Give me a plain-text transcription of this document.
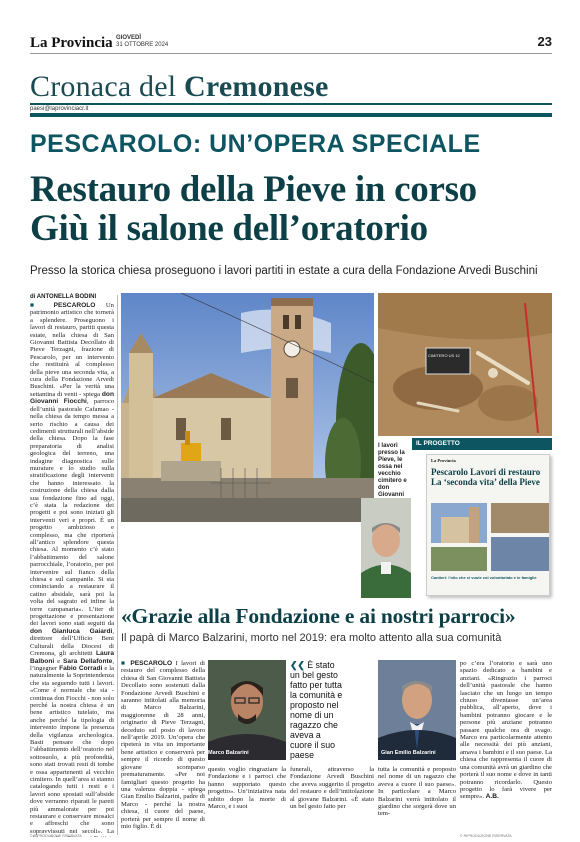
La Provincia GIOVEDÌ
31 OTTOBRE 2024	23
Cronaca del Cremonese
paesi@laprovinciacr.it
PESCAROLO: UN’OPERA SPECIALE
Restauro della Pieve in corso
Giù il salone dell’oratorio
Presso la storica chiesa proseguono i lavori partiti in estate a cura della Fondazione Arvedi Buschini
di ANTONELLA BODINI

■ PESCAROLO Un patrimonio artistico che tornerà a splendere. Proseguono i lavori di restauro, partiti questa estate, nella chiesa di San Giovanni Battista Decollato di Pieve Terzagni, frazione di Pescarolo, per un intervento che restituirà al complesso della pieve una seconda vita, a cura della Fondazione Arvedi Buschini. «Per la verità una settantina di venti - spiega don Giovanni Fiocchi, parroco dell’unità pastorale Cafamao - nella chiesa da tempo messa a serio rischio a causa dei cedimenti strutturali nell’abside della chiesa. Dopo la fase preparatoria di analisi geologica del terreno, una indagine diagnostica sulle murature e lo studio sulla stratificazione degli interventi che hanno interessato la costruzione della chiesa dalla sua fondazione fino ad oggi, c’è stata la redazione dei progetti e poi sono iniziati gli interventi veri e propri. È un progetto ambizioso e complesso, ma che riporterà all’antico splendore questa chiesa. Al momento c’è stato l’abbattimento del salone parrocchiale, l’oratorio, per poi intervenire sul fianco della chiesa e sul campanile. Si sta cominciando a restaurare il catino absidale, sarà poi la volta del sagrato ed infine la torre campanaria». L’iter di progettazione e presentazione dei lavori sono stati seguiti da don Gianluca Gaiardi, direttore dell’Ufficio Beni Culturali della Diocesi di Cremona, gli architetti Laura Balboni e Sara Dellafonte, l’ingegner Fabio Corradi e la naturalmente la Soprintendenza che sta seguendo tutti i lavori. «Come è normale che sia - continua don Fiocchi - non solo perché la nostra chiesa è un bene artistico tutelato, ma anche perché la tipologia di intervento impone la presenza della vigilanza archeologica. Basti pensare che dopo l’abbattimento dell’oratorio nel sottosuolo, a più profondità, sono stati trovati resti di tombe e ossa appartenenti al vecchio cimitero. In quell’area si stanno catalogando tutti i resti e i lavori sono spostati sull’abside dove verranno riparati le pareti più ammalorate per poi restaurare e conservare mosaici e affreschi che sono sopravvissuti nei secoli». La

© RIPRODUZIONE RISERVATA
CIMITERO US 12
I lavori presso la Pieve, le ossa nel vecchio cimitero e don Giovanni
IL PROGETTO
La Provincia
Pescarolo Lavori di restauro La ‘seconda vita’ della Pieve
Cantieri: l’olio che ci vuole col volontariato e le famiglie
«Grazie alla Fondazione e ai nostri parroci»
Il papà di Marco Balzarini, morto nel 2019: era molto attento alla sua comunità
■ PESCAROLO I lavori di restauro del complesso della chiesa di San Giovanni Battista Decollato sono sostenuti dalla Fondazione Arvedi Buschini e saranno intitolati alla memoria di Marco Balzarini, maggiorenne di 28 anni, originario di Pieve Terzagni, deceduto sul posto di lavoro nell’aprile 2019. Un’opera che ripeterà in vita un importante bene artistico e conserverà per sempre il ricordo di questo giovane scomparso prematuramente. «Per noi famigliari questo progetto ha una valenza doppia - spiega Gian Emilio Balzarini, padre di Marco - perché la nostra chiesa, il cuore del paese, porterà per sempre il nome di mio figlio. È di
Marco Balzarini
❮❮ È stato un bel gesto fatto per tutta la comunità e proposto nel nome di un ragazzo che aveva a cuore il suo paese	Gian Emilio Balzarini
po c’era l’oratorio e sarà uno spazio dedicato a bambini e anziani. «Ringrazio i parroci dell’unità pastorale che hanno lasciato che un luogo un tempo chiuso diventasse un’area pubblica, all’aperto, dove i bambini potranno giocare e le persone più anziane potranno passare qualche ora di svago. Marco era particolarmente attento alle necessità dei più anziani, amava i bambini e il suo paese. La chiesa che rappresenta il cuore di una comunità avrà un giardino che porterà il suo nome e dove in tanti potranno ricordarlo. Questo progetto lo farà vivere per sempre». A.B.
questo voglio ringraziare la Fondazione e i parroci che hanno supportato questo progetto». Un’iniziativa nata subito dopo la morte di Marco, e i suoi
funerali, attraverso la Fondazione Arvedi Buschini che aveva suggerito il progetto del restauro e dell’intitolazione al giovane Balzarini. «È stato un bel gesto fatto per
tutta la comunità e proposto nel nome di un ragazzo che aveva a cuore il suo paese». In particolare a Marco Balzarini verrà intitolato il giardino che sorgerà dove un tem-
© RIPRODUZIONE RISERVATA
